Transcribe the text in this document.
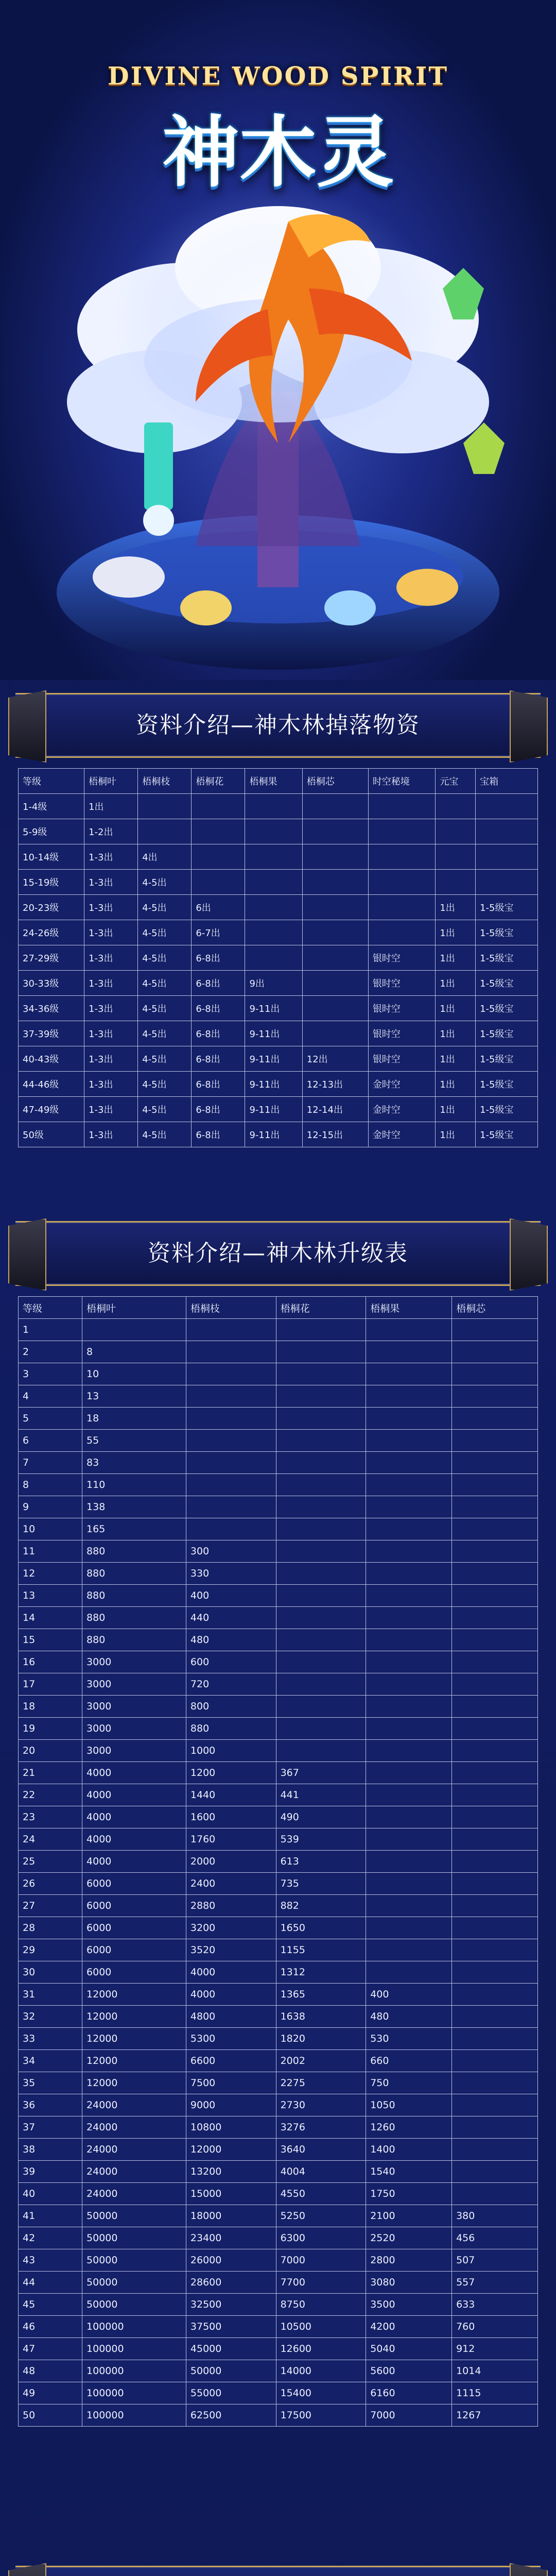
DIVINE WOOD SPIRIT
神木灵
资料介绍—神木林掉落物资
等级	梧桐叶	梧桐枝	梧桐花	梧桐果	梧桐芯	时空秘境	元宝	宝箱
1-4级	1出							
5-9级	1-2出							
10-14级	1-3出	4出						
15-19级	1-3出	4-5出						
20-23级	1-3出	4-5出	6出				1出	1-5级宝
24-26级	1-3出	4-5出	6-7出				1出	1-5级宝
27-29级	1-3出	4-5出	6-8出			银时空	1出	1-5级宝
30-33级	1-3出	4-5出	6-8出	9出		银时空	1出	1-5级宝
34-36级	1-3出	4-5出	6-8出	9-11出		银时空	1出	1-5级宝
37-39级	1-3出	4-5出	6-8出	9-11出		银时空	1出	1-5级宝
40-43级	1-3出	4-5出	6-8出	9-11出	12出	银时空	1出	1-5级宝
44-46级	1-3出	4-5出	6-8出	9-11出	12-13出	金时空	1出	1-5级宝
47-49级	1-3出	4-5出	6-8出	9-11出	12-14出	金时空	1出	1-5级宝
50级	1-3出	4-5出	6-8出	9-11出	12-15出	金时空	1出	1-5级宝
资料介绍—神木林升级表
等级	梧桐叶	梧桐枝	梧桐花	梧桐果	梧桐芯
1					
2	8				
3	10				
4	13				
5	18				
6	55				
7	83				
8	110				
9	138				
10	165				
11	880	300			
12	880	330			
13	880	400			
14	880	440			
15	880	480			
16	3000	600			
17	3000	720			
18	3000	800			
19	3000	880			
20	3000	1000			
21	4000	1200	367		
22	4000	1440	441		
23	4000	1600	490		
24	4000	1760	539		
25	4000	2000	613		
26	6000	2400	735		
27	6000	2880	882		
28	6000	3200	1650		
29	6000	3520	1155		
30	6000	4000	1312		
31	12000	4000	1365	400	
32	12000	4800	1638	480	
33	12000	5300	1820	530	
34	12000	6600	2002	660	
35	12000	7500	2275	750	
36	24000	9000	2730	1050	
37	24000	10800	3276	1260	
38	24000	12000	3640	1400	
39	24000	13200	4004	1540	
40	24000	15000	4550	1750	
41	50000	18000	5250	2100	380
42	50000	23400	6300	2520	456
43	50000	26000	7000	2800	507
44	50000	28600	7700	3080	557
45	50000	32500	8750	3500	633
46	100000	37500	10500	4200	760
47	100000	45000	12600	5040	912
48	100000	50000	14000	5600	1014
49	100000	55000	15400	6160	1115
50	100000	62500	17500	7000	1267
